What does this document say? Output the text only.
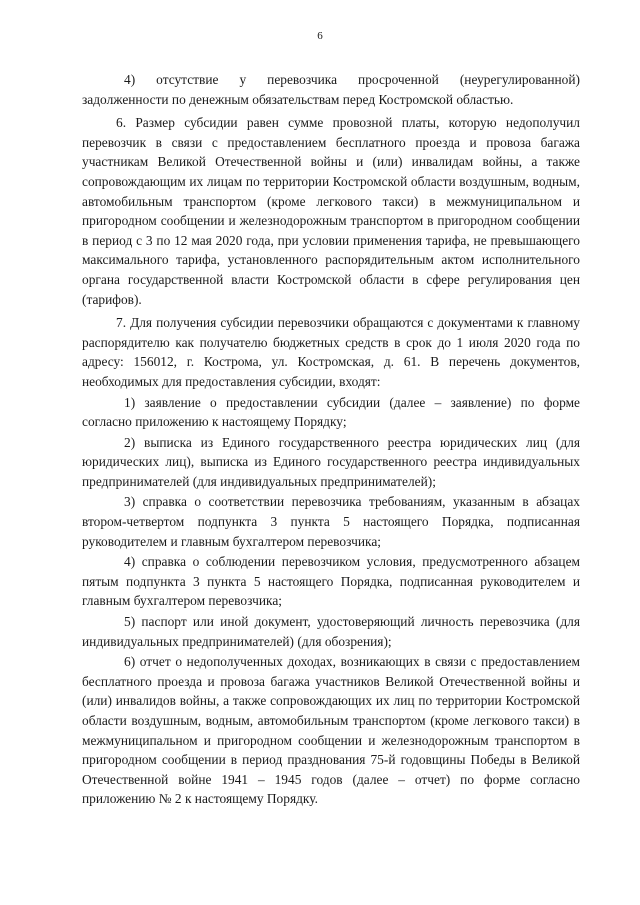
6

4) отсутствие у перевозчика просроченной (неурегулированной) задолженности по денежным обязательствам перед Костромской областью.

6. Размер субсидии равен сумме провозной платы, которую недополучил перевозчик в связи с предоставлением бесплатного проезда и провоза багажа участникам Великой Отечественной войны и (или) инвалидам войны, а также сопровождающим их лицам по территории Костромской области воздушным, водным, автомобильным транспортом (кроме легкового такси) в межмуниципальном и пригородном сообщении и железнодорожным транспортом в пригородном сообщении в период с 3 по 12 мая 2020 года, при условии применения тарифа, не превышающего максимального тарифа, установленного распорядительным актом исполнительного органа государственной власти Костромской области в сфере регулирования цен (тарифов).

7. Для получения субсидии перевозчики обращаются с документами к главному распорядителю как получателю бюджетных средств в срок до 1 июля 2020 года по адресу: 156012, г. Кострома, ул. Костромская, д. 61. В перечень документов, необходимых для предоставления субсидии, входят:

1) заявление о предоставлении субсидии (далее – заявление) по форме согласно приложению к настоящему Порядку;

2) выписка из Единого государственного реестра юридических лиц (для юридических лиц), выписка из Единого государственного реестра индивидуальных предпринимателей (для индивидуальных предпринимателей);

3) справка о соответствии перевозчика требованиям, указанным в абзацах втором-четвертом подпункта 3 пункта 5 настоящего Порядка, подписанная руководителем и главным бухгалтером перевозчика;

4) справка о соблюдении перевозчиком условия, предусмотренного абзацем пятым подпункта 3 пункта 5 настоящего Порядка, подписанная руководителем и главным бухгалтером перевозчика;

5) паспорт или иной документ, удостоверяющий личность перевозчика (для индивидуальных предпринимателей) (для обозрения);

6) отчет о недополученных доходах, возникающих в связи с предоставлением бесплатного проезда и провоза багажа участников Великой Отечественной войны и (или) инвалидов войны, а также сопровождающих их лиц по территории Костромской области воздушным, водным, автомобильным транспортом (кроме легкового такси) в межмуниципальном и пригородном сообщении и железнодорожным транспортом в пригородном сообщении в период празднования 75-й годовщины Победы в Великой Отечественной войне 1941 – 1945 годов (далее – отчет) по форме согласно приложению № 2 к настоящему Порядку.
